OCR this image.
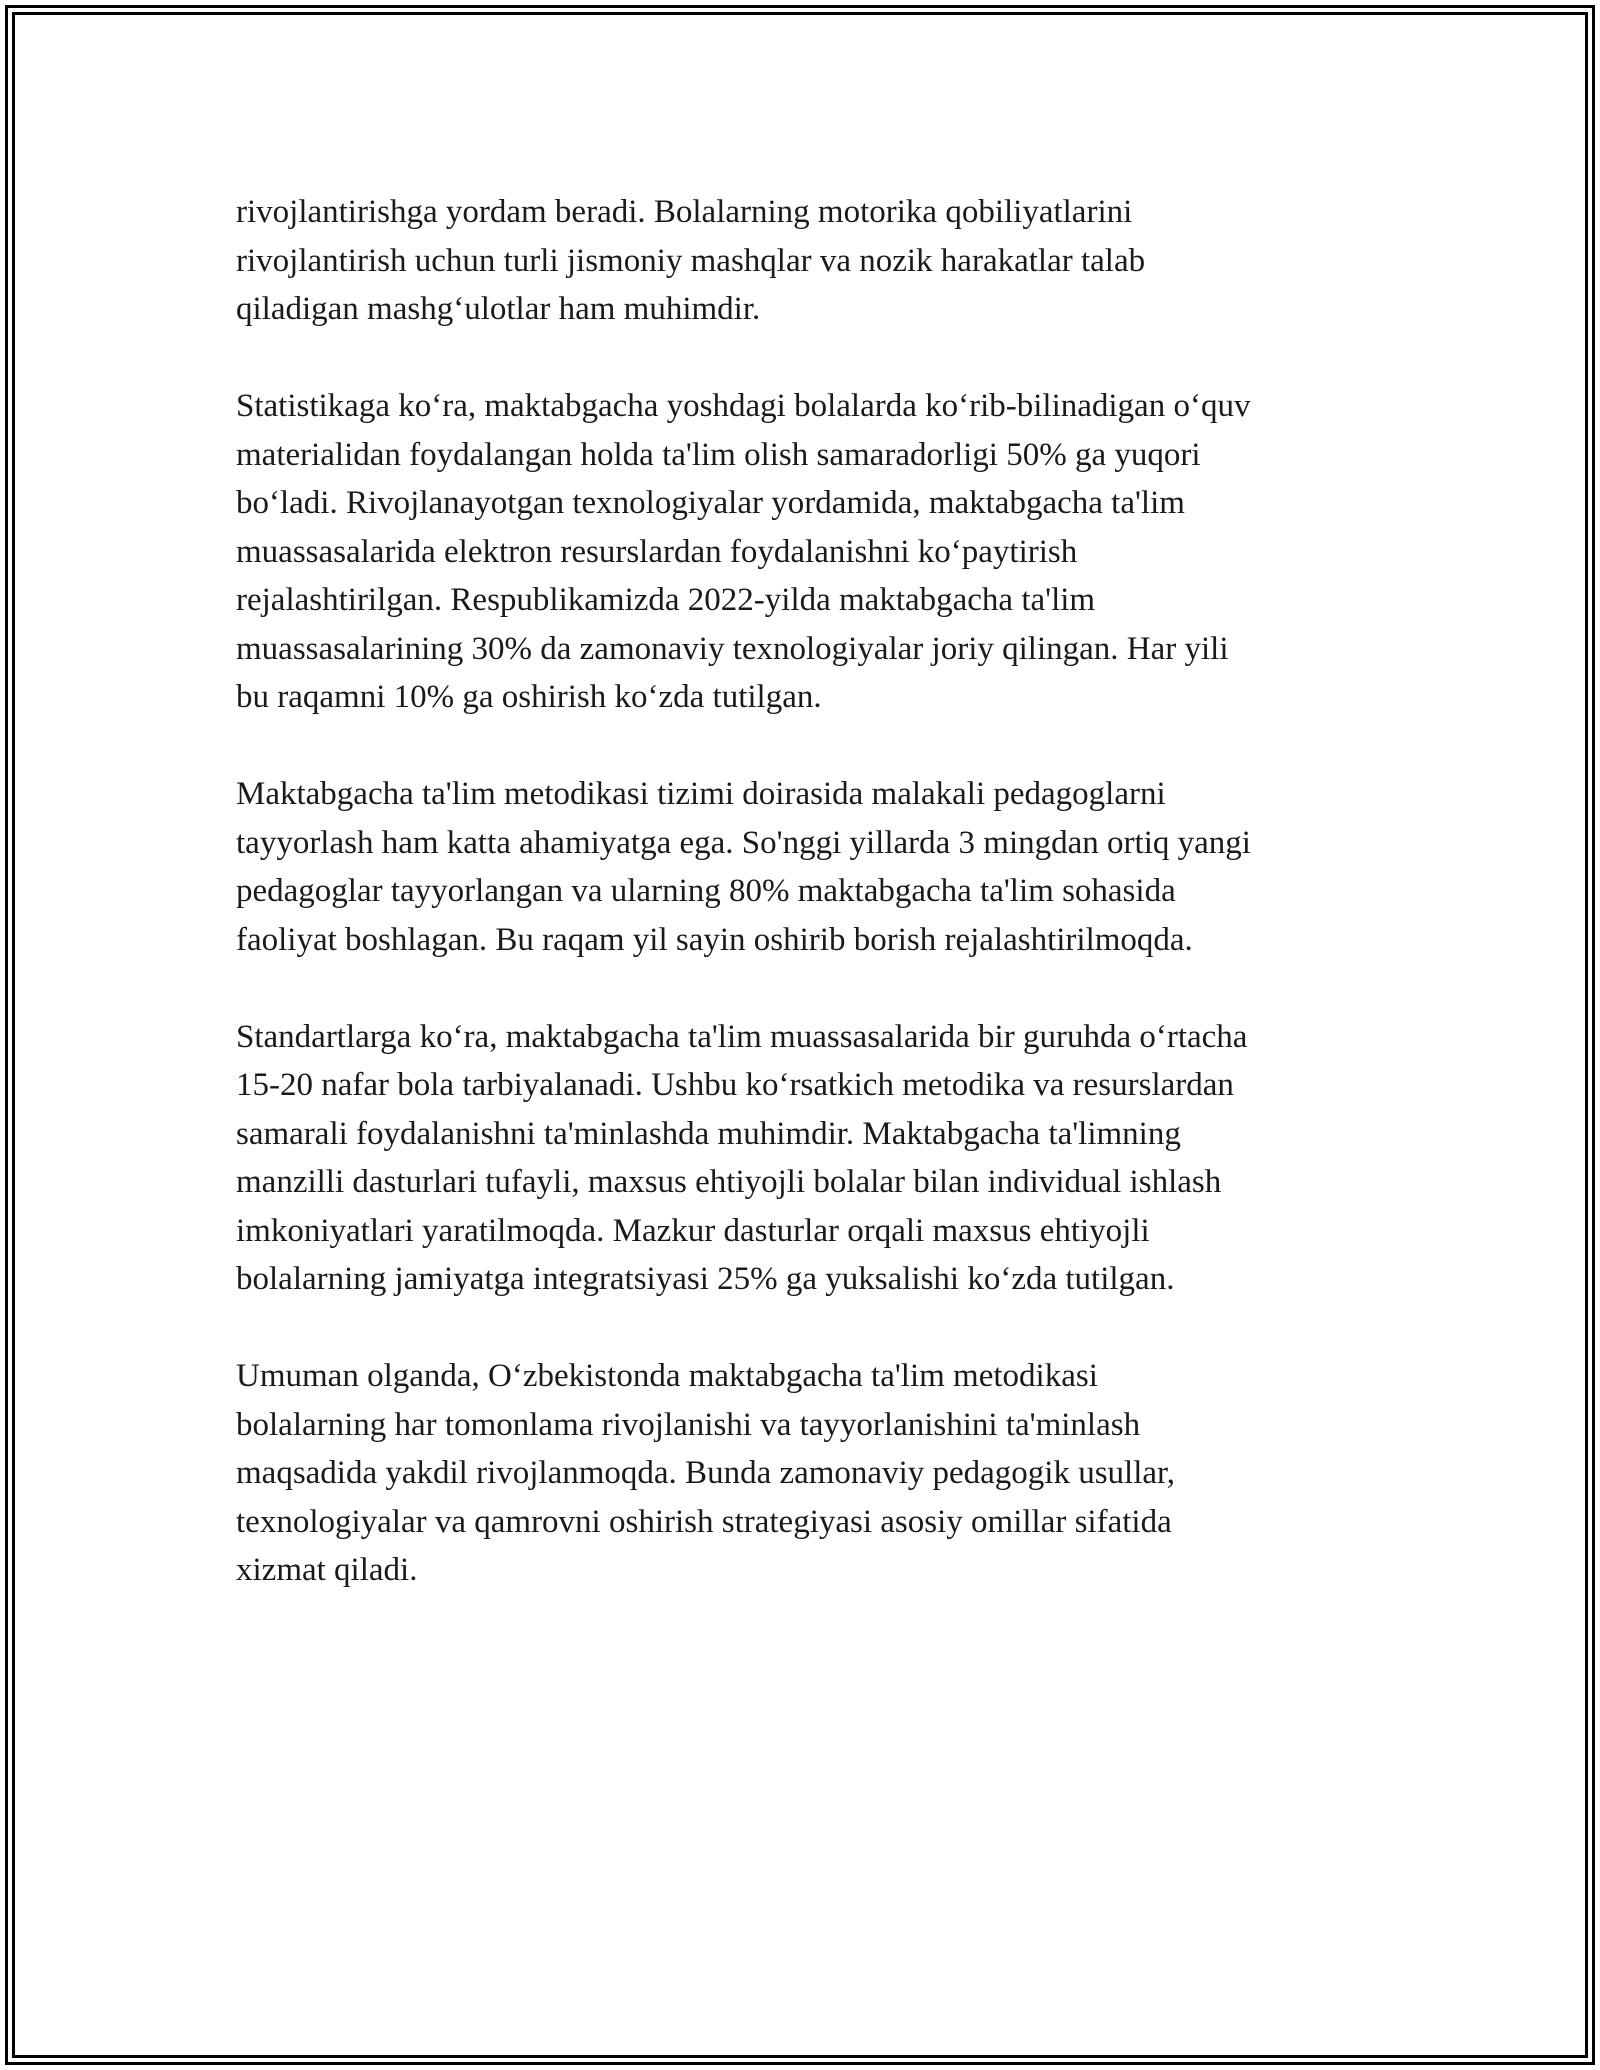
rivojlantirishga yordam beradi. Bolalarning motorika qobiliyatlarini
rivojlantirish uchun turli jismoniy mashqlar va nozik harakatlar talab
qiladigan mashg‘ulotlar ham muhimdir.

Statistikaga ko‘ra, maktabgacha yoshdagi bolalarda ko‘rib-bilinadigan o‘quv
materialidan foydalangan holda ta'lim olish samaradorligi 50% ga yuqori
bo‘ladi. Rivojlanayotgan texnologiyalar yordamida, maktabgacha ta'lim
muassasalarida elektron resurslardan foydalanishni ko‘paytirish
rejalashtirilgan. Respublikamizda 2022-yilda maktabgacha ta'lim
muassasalarining 30% da zamonaviy texnologiyalar joriy qilingan. Har yili
bu raqamni 10% ga oshirish ko‘zda tutilgan.

Maktabgacha ta'lim metodikasi tizimi doirasida malakali pedagoglarni
tayyorlash ham katta ahamiyatga ega. So'nggi yillarda 3 mingdan ortiq yangi
pedagoglar tayyorlangan va ularning 80% maktabgacha ta'lim sohasida
faoliyat boshlagan. Bu raqam yil sayin oshirib borish rejalashtirilmoqda.

Standartlarga ko‘ra, maktabgacha ta'lim muassasalarida bir guruhda o‘rtacha
15-20 nafar bola tarbiyalanadi. Ushbu ko‘rsatkich metodika va resurslardan
samarali foydalanishni ta'minlashda muhimdir. Maktabgacha ta'limning
manzilli dasturlari tufayli, maxsus ehtiyojli bolalar bilan individual ishlash
imkoniyatlari yaratilmoqda. Mazkur dasturlar orqali maxsus ehtiyojli
bolalarning jamiyatga integratsiyasi 25% ga yuksalishi ko‘zda tutilgan.

Umuman olganda, O‘zbekistonda maktabgacha ta'lim metodikasi
bolalarning har tomonlama rivojlanishi va tayyorlanishini ta'minlash
maqsadida yakdil rivojlanmoqda. Bunda zamonaviy pedagogik usullar,
texnologiyalar va qamrovni oshirish strategiyasi asosiy omillar sifatida
xizmat qiladi.
